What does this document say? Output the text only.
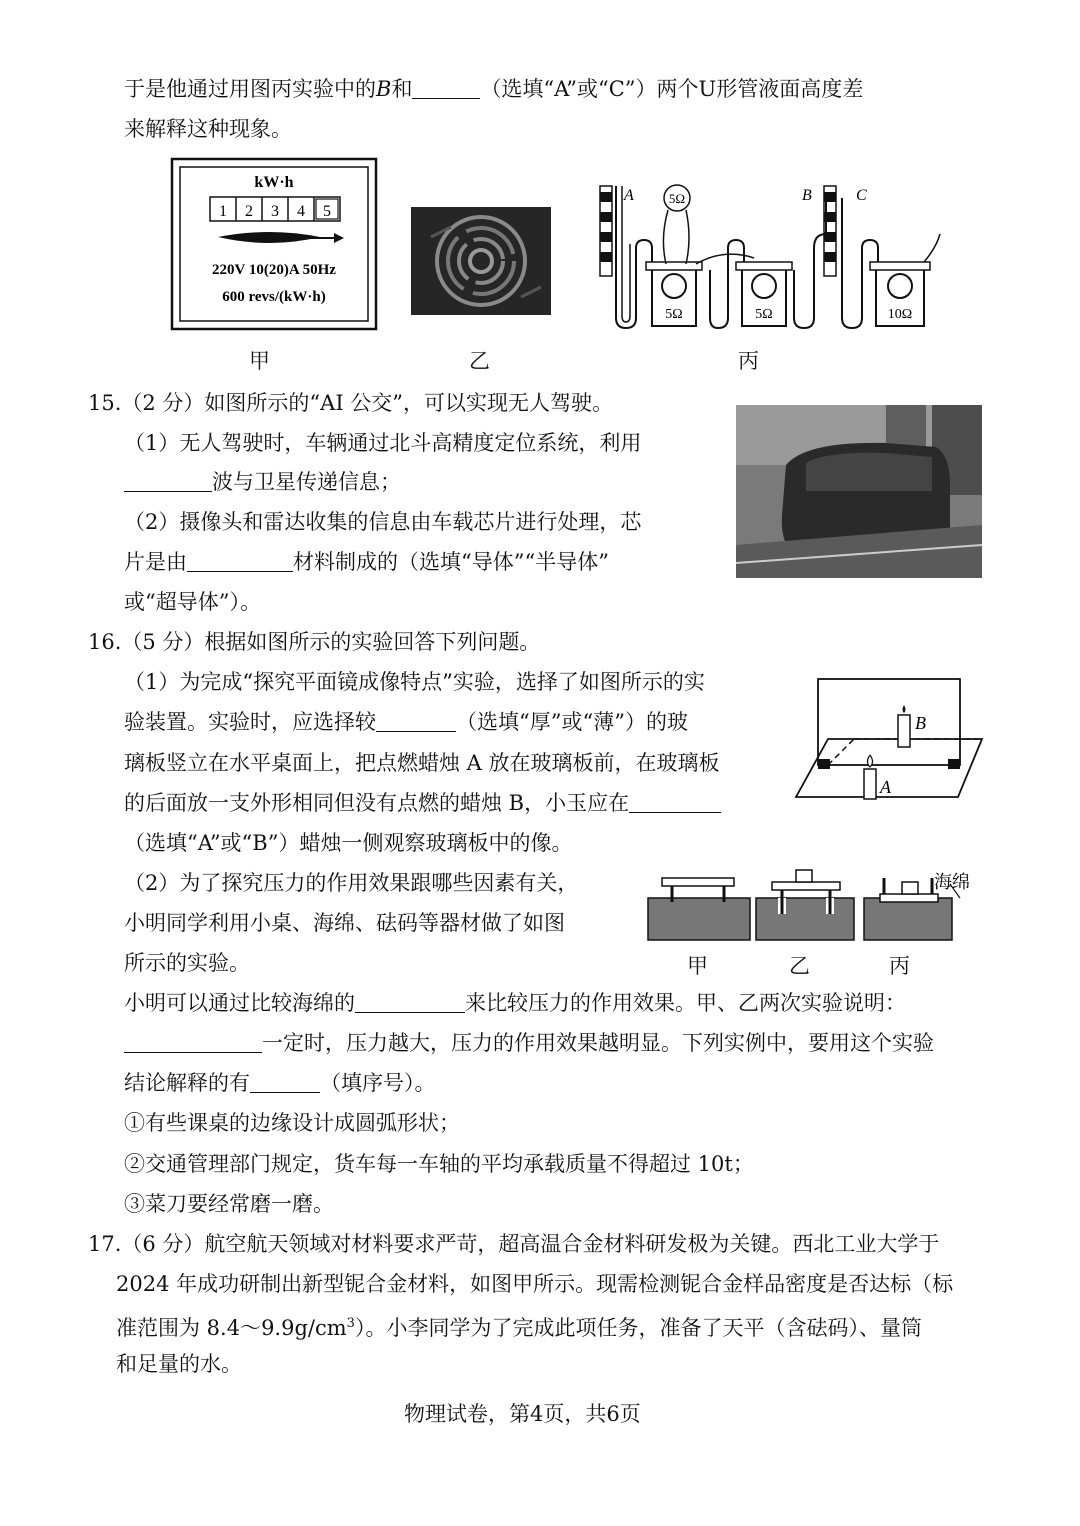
于是他通过用图丙实验中的B和	（选填“A”或“C”）两个U形管液面高度差
来解释这种现象。
kW·h
1 2 3 4 5
220V 10(20)A 50Hz
600 revs/(kW·h)
A
5Ω
5Ω
5Ω
B	C
10Ω
甲	乙	丙
15.（2 分）如图所示的“AI 公交”，可以实现无人驾驶。
（1）无人驾驶时，车辆通过北斗高精度定位系统，利用
波与卫星传递信息；
（2）摄像头和雷达收集的信息由车载芯片进行处理，芯
片是由	材料制成的（选填“导体”“半导体”
或“超导体”）。
16.（5 分）根据如图所示的实验回答下列问题。
（1）为完成“探究平面镜成像特点”实验，选择了如图所示的实
验装置。实验时，应选择较	（选填“厚”或“薄”）的玻
璃板竖立在水平桌面上，把点燃蜡烛 A 放在玻璃板前，在玻璃板
的后面放一支外形相同但没有点燃的蜡烛 B，小玉应在
（选填“A”或“B”）蜡烛一侧观察玻璃板中的像。
B
A
（2）为了探究压力的作用效果跟哪些因素有关，
小明同学利用小桌、海绵、砝码等器材做了如图
所示的实验。
海绵
甲	乙	丙
小明可以通过比较海绵的	来比较压力的作用效果。甲、乙两次实验说明：
一定时，压力越大，压力的作用效果越明显。下列实例中，要用这个实验
结论解释的有	（填序号）。
①有些课桌的边缘设计成圆弧形状；
②交通管理部门规定，货车每一车轴的平均承载质量不得超过 10t；
③菜刀要经常磨一磨。
17.（6 分）航空航天领域对材料要求严苛，超高温合金材料研发极为关键。西北工业大学于
2024 年成功研制出新型铌合金材料，如图甲所示。现需检测铌合金样品密度是否达标（标
准范围为 $8.4\sim 9.9g/cm^3$）。小李同学为了完成此项任务，准备了天平（含砝码）、量筒
和足量的水。
物理试卷，第4页，共6页
